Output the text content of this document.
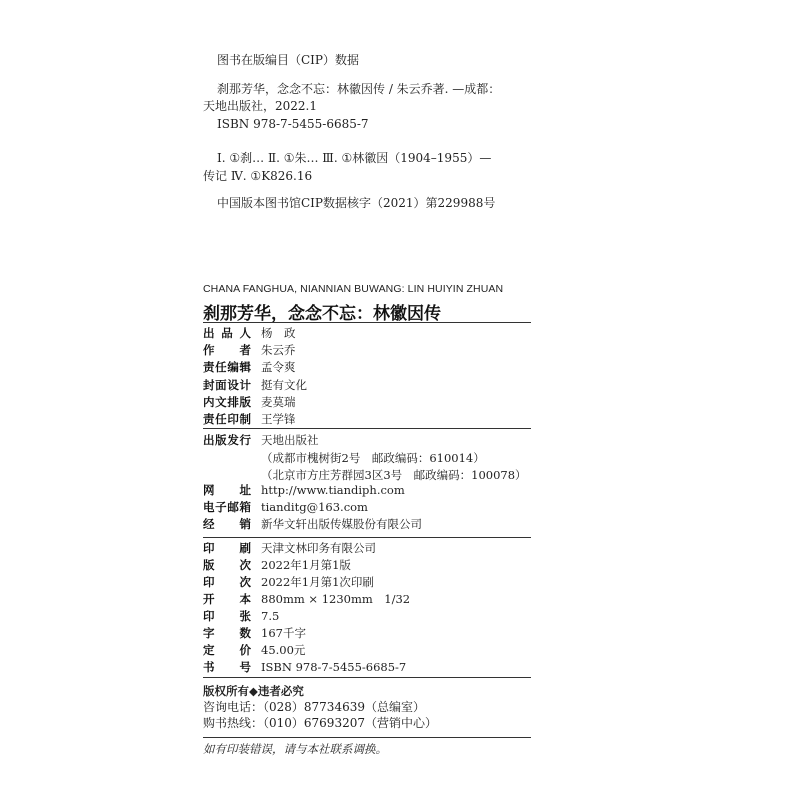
图书在版编目（CIP）数据
刹那芳华，念念不忘：林徽因传 / 朱云乔著. —成都：
天地出版社，2022.1
ISBN 978-7-5455-6685-7
Ⅰ. ①刹… Ⅱ. ①朱… Ⅲ. ①林徽因（1904–1955）—
传记 Ⅳ. ①K826.16
中国版本图书馆CIP数据核字（2021）第229988号
CHANA FANGHUA, NIANNIAN BUWANG: LIN HUIYIN ZHUAN
刹那芳华，念念不忘：林徽因传
出 品 人 杨　政
作 者 朱云乔
责 任 编 辑 孟令爽
封 面 设 计 挺有文化
内 文 排 版 麦莫瑞
责 任 印 制 王学锋
出 版 发 行 天地出版社
（成都市槐树街2号　邮政编码：610014）
（北京市方庄芳群园3区3号　邮政编码：100078）
网 址 http://www.tiandiph.com
电 子 邮 箱 tianditg@163.com
经 销 新华文轩出版传媒股份有限公司
印 刷 天津文林印务有限公司
版 次 2022年1月第1版
印 次 2022年1月第1次印刷
开 本 880mm × 1230mm　1/32
印 张 7.5
字 数 167千字
定 价 45.00元
书 号 ISBN 978-7-5455-6685-7
版权所有◆违者必究
咨询电话：（028）87734639（总编室）
购书热线：（010）67693207（营销中心）
如有印装错误，请与本社联系调换。
